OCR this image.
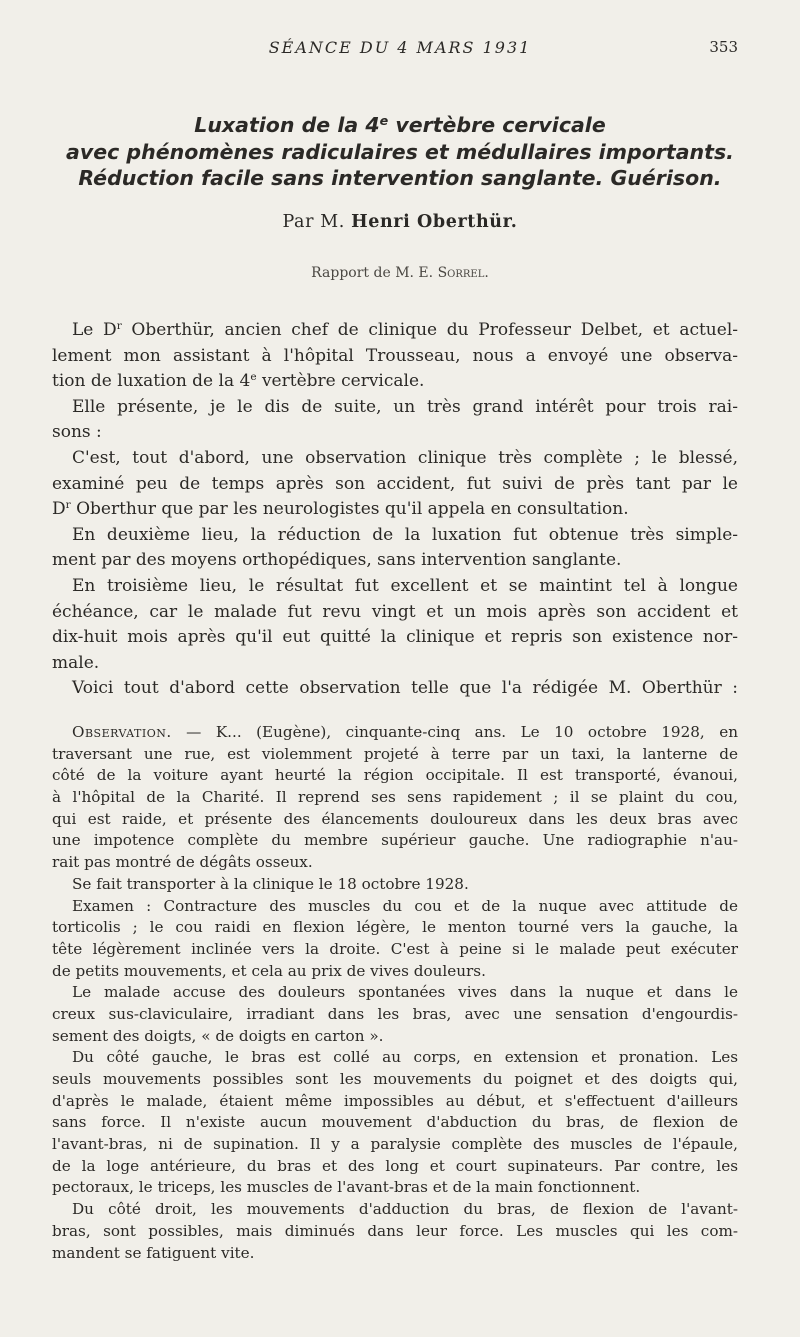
SÉANCE DU 4 MARS 1931	353
Luxation de la 4e vertèbre cervicale
avec phénomènes radiculaires et médullaires importants.
Réduction facile sans intervention sanglante. Guérison.
Par M. Henri Oberthür.
Rapport de M. E. Sorrel.
Le $D^r$ Oberthür, ancien chef de clinique du Professeur Delbet, et actuel-
lement mon assistant à l'hôpital Trousseau, nous a envoyé une observa-
tion de luxation de la 4e vertèbre cervicale.
Elle présente, je le dis de suite, un très grand intérêt pour trois rai-
sons :
C'est, tout d'abord, une observation clinique très complète ; le blessé,
examiné peu de temps après son accident, fut suivi de près tant par le
$D^r$ Oberthur que par les neurologistes qu'il appela en consultation.
En deuxième lieu, la réduction de la luxation fut obtenue très simple-
ment par des moyens orthopédiques, sans intervention sanglante.
En troisième lieu, le résultat fut excellent et se maintint tel à longue
échéance, car le malade fut revu vingt et un mois après son accident et
dix-huit mois après qu'il eut quitté la clinique et repris son existence nor-
male.
Voici tout d'abord cette observation telle que l'a rédigée M. Oberthür :
Observation. — K... (Eugène), cinquante-cinq ans. Le 10 octobre 1928, en
traversant une rue, est violemment projeté à terre par un taxi, la lanterne de
côté de la voiture ayant heurté la région occipitale. Il est transporté, évanoui,
à l'hôpital de la Charité. Il reprend ses sens rapidement ; il se plaint du cou,
qui est raide, et présente des élancements douloureux dans les deux bras avec
une impotence complète du membre supérieur gauche. Une radiographie n'au-
rait pas montré de dégâts osseux.
Se fait transporter à la clinique le 18 octobre 1928.
Examen : Contracture des muscles du cou et de la nuque avec attitude de
torticolis ; le cou raidi en flexion légère, le menton tourné vers la gauche, la
tête légèrement inclinée vers la droite. C'est à peine si le malade peut exécuter
de petits mouvements, et cela au prix de vives douleurs.
Le malade accuse des douleurs spontanées vives dans la nuque et dans le
creux sus-claviculaire, irradiant dans les bras, avec une sensation d'engourdis-
sement des doigts, « de doigts en carton ».
Du côté gauche, le bras est collé au corps, en extension et pronation. Les
seuls mouvements possibles sont les mouvements du poignet et des doigts qui,
d'après le malade, étaient même impossibles au début, et s'effectuent d'ailleurs
sans force. Il n'existe aucun mouvement d'abduction du bras, de flexion de
l'avant-bras, ni de supination. Il y a paralysie complète des muscles de l'épaule,
de la loge antérieure, du bras et des long et court supinateurs. Par contre, les
pectoraux, le triceps, les muscles de l'avant-bras et de la main fonctionnent.
Du côté droit, les mouvements d'adduction du bras, de flexion de l'avant-
bras, sont possibles, mais diminués dans leur force. Les muscles qui les com-
mandent se fatiguent vite.
